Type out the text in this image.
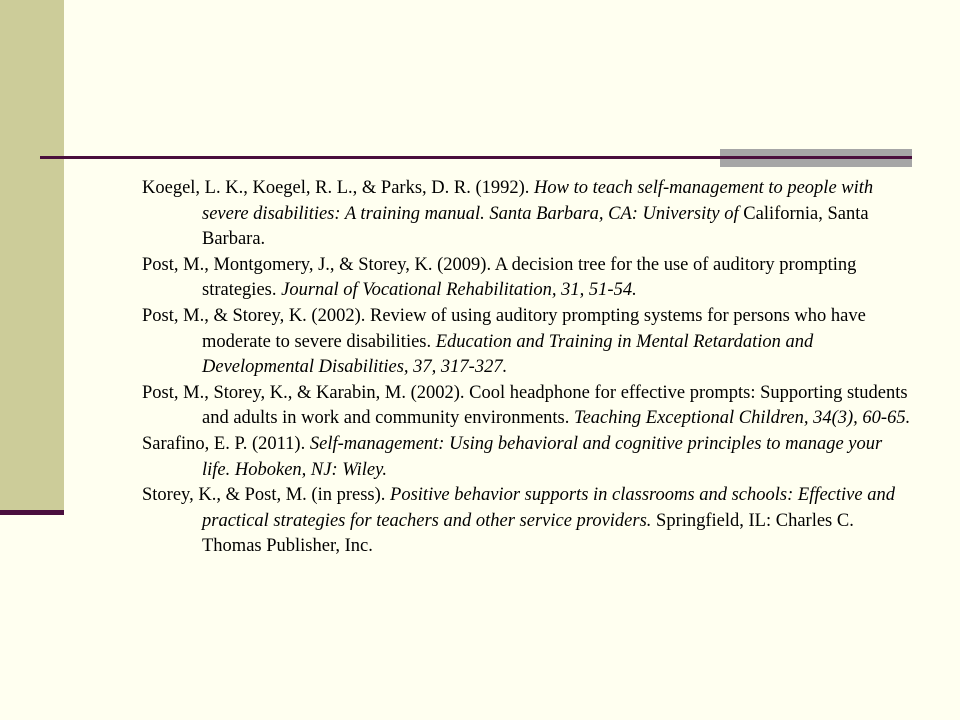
Koegel, L. K., Koegel, R. L., & Parks, D. R. (1992). How to teach self-management to people with severe disabilities: A training manual. Santa Barbara, CA: University of California, Santa Barbara.
Post, M., Montgomery, J., & Storey, K. (2009). A decision tree for the use of auditory prompting strategies. Journal of Vocational Rehabilitation, 31, 51-54.
Post, M., & Storey, K. (2002). Review of using auditory prompting systems for persons who have moderate to severe disabilities. Education and Training in Mental Retardation and Developmental Disabilities, 37, 317-327.
Post, M., Storey, K., & Karabin, M. (2002). Cool headphone for effective prompts: Supporting students and adults in work and community environments. Teaching Exceptional Children, 34(3), 60-65.
Sarafino, E. P. (2011). Self-management: Using behavioral and cognitive principles to manage your life. Hoboken, NJ: Wiley.
Storey, K., & Post, M. (in press). Positive behavior supports in classrooms and schools: Effective and practical strategies for teachers and other service providers. Springfield, IL: Charles C. Thomas Publisher, Inc.
